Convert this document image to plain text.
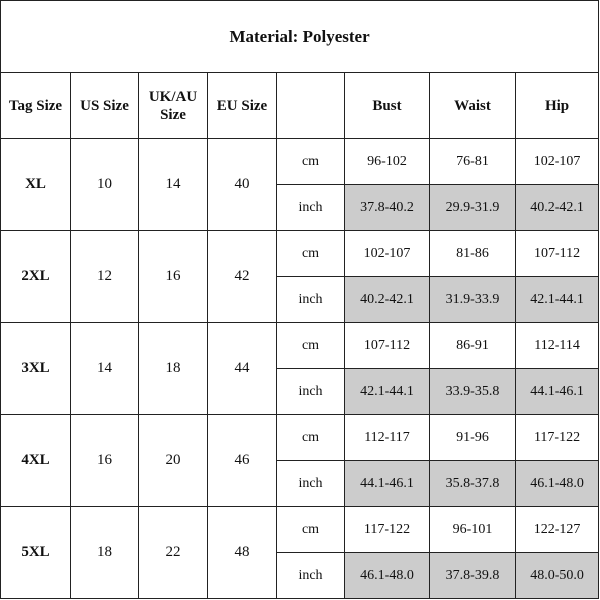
Material: Polyester							
Tag Size	US Size	UK/AU Size	EU Size		Bust	Waist	Hip
XL	10	14	40	cm	96-102	76-81	102-107
				inch	37.8-40.2	29.9-31.9	40.2-42.1
2XL	12	16	42	cm	102-107	81-86	107-112
				inch	40.2-42.1	31.9-33.9	42.1-44.1
3XL	14	18	44	cm	107-112	86-91	112-114
				inch	42.1-44.1	33.9-35.8	44.1-46.1
4XL	16	20	46	cm	112-117	91-96	117-122
				inch	44.1-46.1	35.8-37.8	46.1-48.0
5XL	18	22	48	cm	117-122	96-101	122-127
				inch	46.1-48.0	37.8-39.8	48.0-50.0
